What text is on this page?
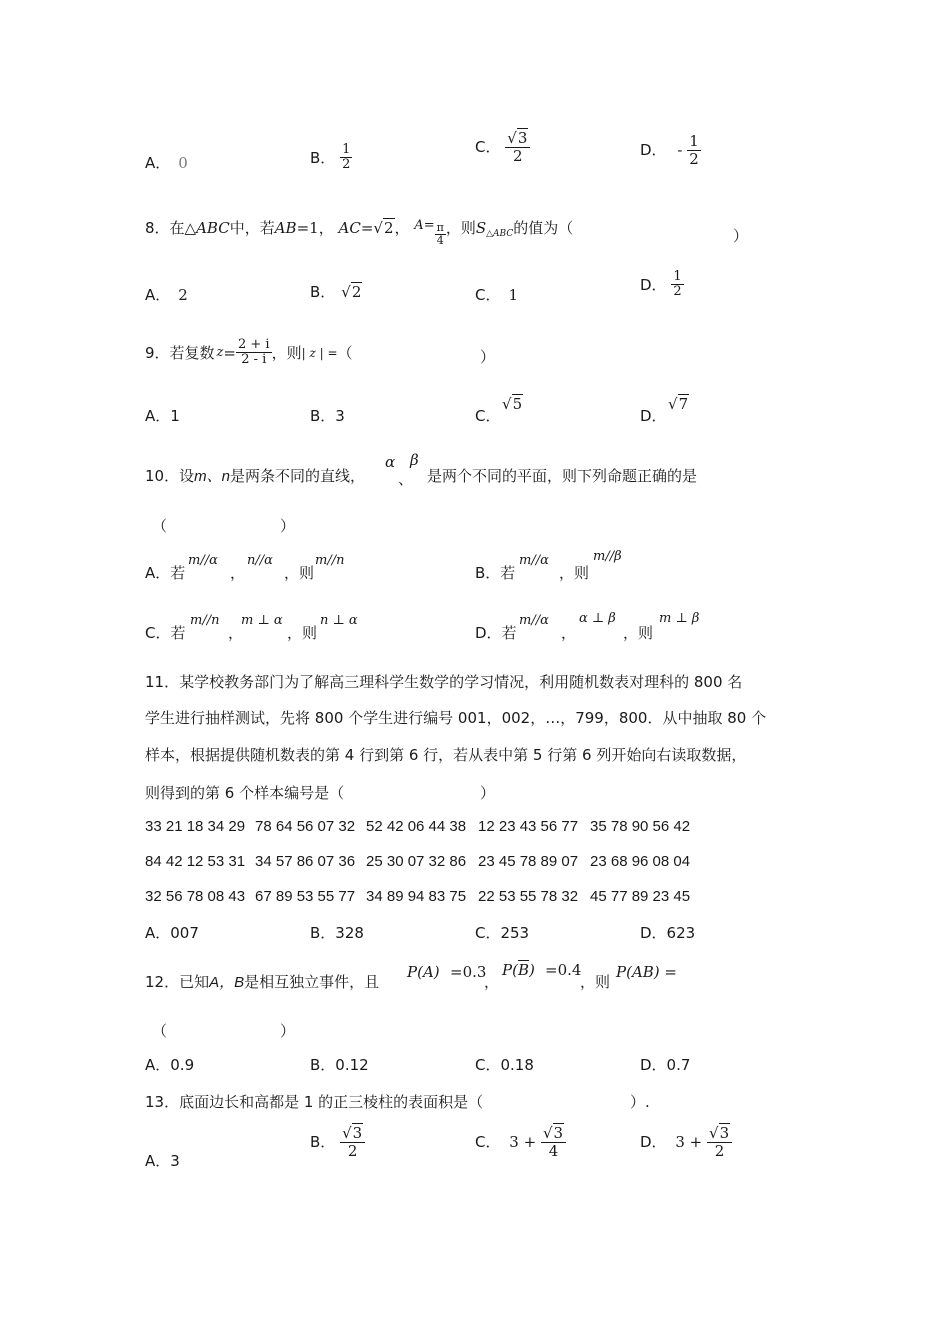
A． 0	B． $\frac{1}{2}$	C． $\frac{√3}{2}$	D． - $\frac{1}{2}$
8．在△ABC中，若AB=1， AC=√2， $A= \frac{\pi}{4}$ ，则$S_{\triangle ABC}$的值为（	）
A． 2	B． √2	C． 1
D． $\frac{1}{2}$
9．若复数 $z= \frac{2 + i}{2 - i}$ ，则| z | =（	）
A．1	B．3	C．
√5
D．
√7
10．设m、n是两条不同的直线，
α β
、 是两个不同的平面，则下列命题正确的是
（	）
A．若
m//α
，
n//α
，则
m//n
B．若
m//α
，则
m//β
C．若
m//n
，
m ⊥ α
，则
n ⊥ α
D．若
m//α
，
α ⊥ β
，则
m ⊥ β
11．某学校教务部门为了解高三理科学生数学的学习情况，利用随机数表对理科的 800 名
学生进行抽样测试，先将 800 个学生进行编号 001，002，…，799，800．从中抽取 80 个
样本，根据提供随机数表的第 4 行到第 6 行，若从表中第 5 行第 6 列开始向右读取数据，
则得到的第 6 个样本编号是（	）
33 21 18 34 29 78 64 56 07 32 52 42 06 44 38 12 23 43 56 77 35 78 90 56 42
84 42 12 53 31 34 57 86 07 36 25 30 07 32 86 23 45 78 89 07 23 68 96 08 04
32 56 78 08 43 67 89 53 55 77 34 89 94 83 75 22 53 55 78 32 45 77 89 23 45
A．007	B．328	C．253	D．623
12．已知A，B是相互独立事件，且
P(A) =0.3
，
$P(\overline{B}) =0.4$
，则
P(AB) =
（	）
A．0.9	B．0.12	C．0.18	D．0.7
13．底面边长和高都是 1 的正三棱柱的表面积是（	）.
A．3
B． $\frac{√3}{2}$	C． $3 + \frac{√3}{4}$	D． $3 + \frac{√3}{2}$
